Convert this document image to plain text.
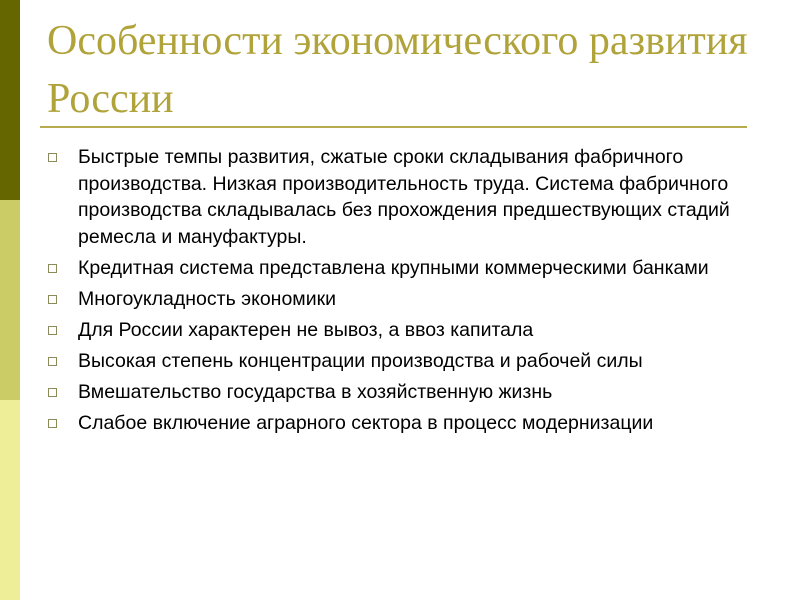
Особенности экономического развития России
Быстрые темпы развития, сжатые сроки складывания фабричного производства. Низкая производительность труда. Система фабричного производства складывалась без прохождения предшествующих стадий ремесла и мануфактуры.
Кредитная система представлена крупными коммерческими банками
Многоукладность экономики
Для России характерен не вывоз, а ввоз капитала
Высокая степень концентрации производства и рабочей силы
Вмешательство государства в хозяйственную жизнь
Слабое включение аграрного сектора в процесс модернизации
